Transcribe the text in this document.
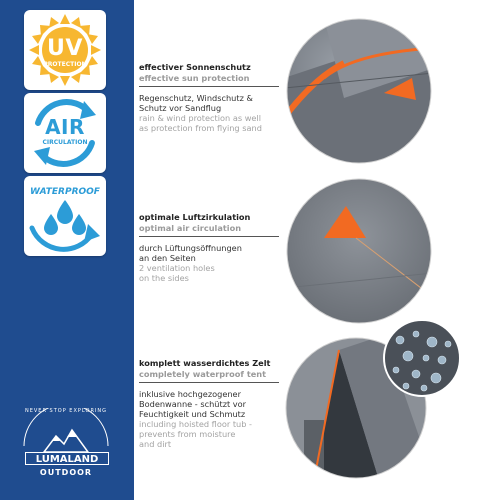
UV
PROTECTION
AIR
CIRCULATION
WATERPROOF
NEVER STOP EXPLORING
LUMALAND
OUTDOOR
effectiver Sonnenschutz
effective sun protection
Regenschutz, Windschutz &
Schutz vor Sandflug
rain & wind protection as well
as protection from flying sand
optimale Luftzirkulation
optimal air circulation
durch Lüftungsöffnungen
an den Seiten
2 ventilation holes
on the sides
komplett wasserdichtes Zelt
completely waterproof tent
inklusive hochgezogener
Bodenwanne - schützt vor
Feuchtigkeit und Schmutz
including hoisted floor tub -
prevents from moisture
and dirt
